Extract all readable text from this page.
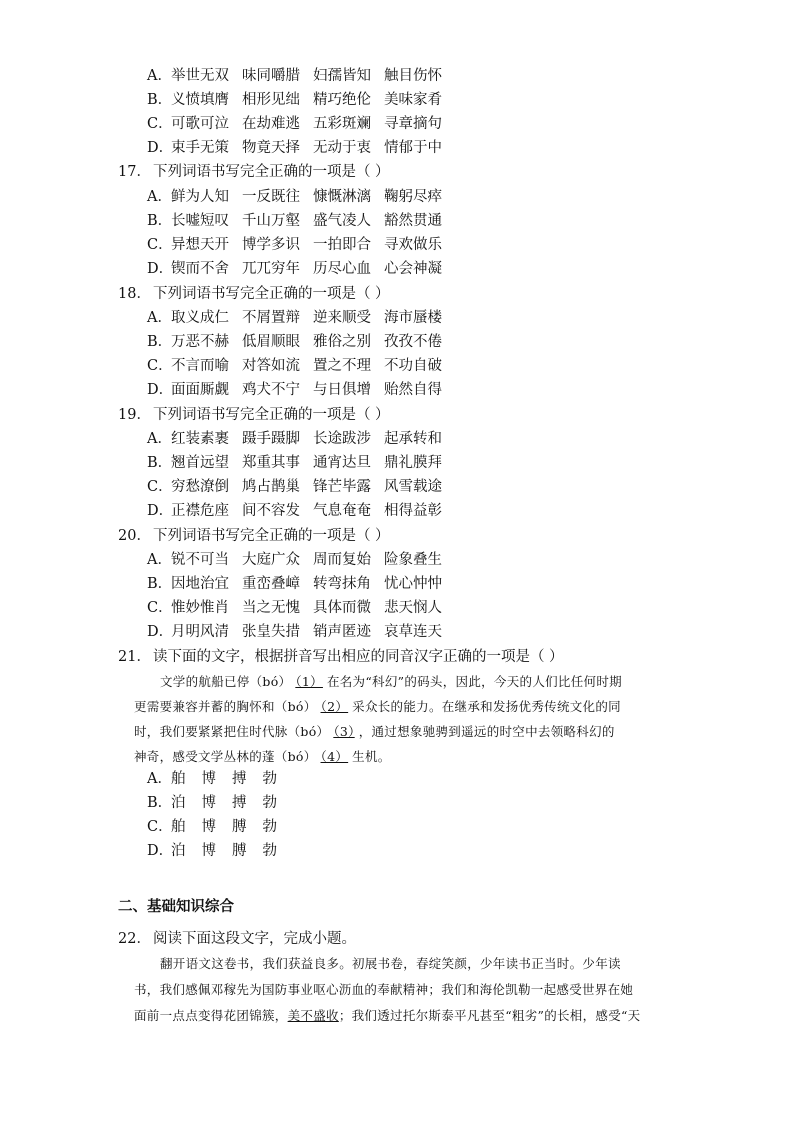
A．举世无双 味同嚼腊 妇孺皆知 触目伤怀
B．义愤填膺 相形见绌 精巧绝伦 美味家肴
C．可歌可泣 在劫难逃 五彩斑斓 寻章摘句
D．束手无策 物竟天择 无动于衷 情郁于中
17． 下列词语书写完全正确的一项是（ ）
A．鲜为人知 一反既往 慷慨淋漓 鞠躬尽瘁
B．长嘘短叹 千山万壑 盛气凌人 豁然贯通
C．异想天开 博学多识 一拍即合 寻欢做乐
D．锲而不舍 兀兀穷年 历尽心血 心会神凝
18． 下列词语书写完全正确的一项是（ ）
A．取义成仁 不屑置辩 逆来顺受 海市蜃楼
B．万恶不赫 低眉顺眼 雅俗之别 孜孜不倦
C．不言而喻 对答如流 置之不理 不功自破
D．面面厮觑 鸡犬不宁 与日俱增 贻然自得
19． 下列词语书写完全正确的一项是（ ）
A．红装素裹 蹑手蹑脚 长途跋涉 起承转和
B．翘首远望 郑重其事 通宵达旦 鼎礼膜拜
C．穷愁潦倒 鸠占鹊巢 锋芒毕露 风雪载途
D．正襟危座 间不容发 气息奄奄 相得益彰
20． 下列词语书写完全正确的一项是（ ）
A．锐不可当 大庭广众 周而复始 险象叠生
B．因地治宜 重峦叠嶂 转弯抹角 忧心忡忡
C．惟妙惟肖 当之无愧 具体而微 悲天悯人
D．月明风清 张皇失措 销声匿迹 哀草连天
21． 读下面的文字，根据拼音写出相应的同音汉字正确的一项是（ ）
文学的航船已停（bó） （1） 在名为“科幻”的码头，因此，今天的人们比任何时期
更需要兼容并蓄的胸怀和（bó） （2） 采众长的能力。在继承和发扬优秀传统文化的同
时，我们要紧紧把住时代脉（bó） （3） ，通过想象驰骋到遥远的时空中去领略科幻的
神奇，感受文学丛林的蓬（bó） （4） 生机。
A．舶 博 搏 勃
B．泊 博 搏 勃
C．舶 博 膊 勃
D．泊 博 膊 勃
二、基础知识综合
22． 阅读下面这段文字，完成小题。
翻开语文这卷书，我们获益良多。初展书卷，春绽笑颜，少年读书正当时。少年读
书，我们感佩邓稼先为国防事业呕心沥血的奉献精神；我们和海伦凯勒一起感受世界在她
面前一点点变得花团锦簇，美不盛收；我们透过托尔斯泰平凡甚至“粗劣”的长相，感受“天
